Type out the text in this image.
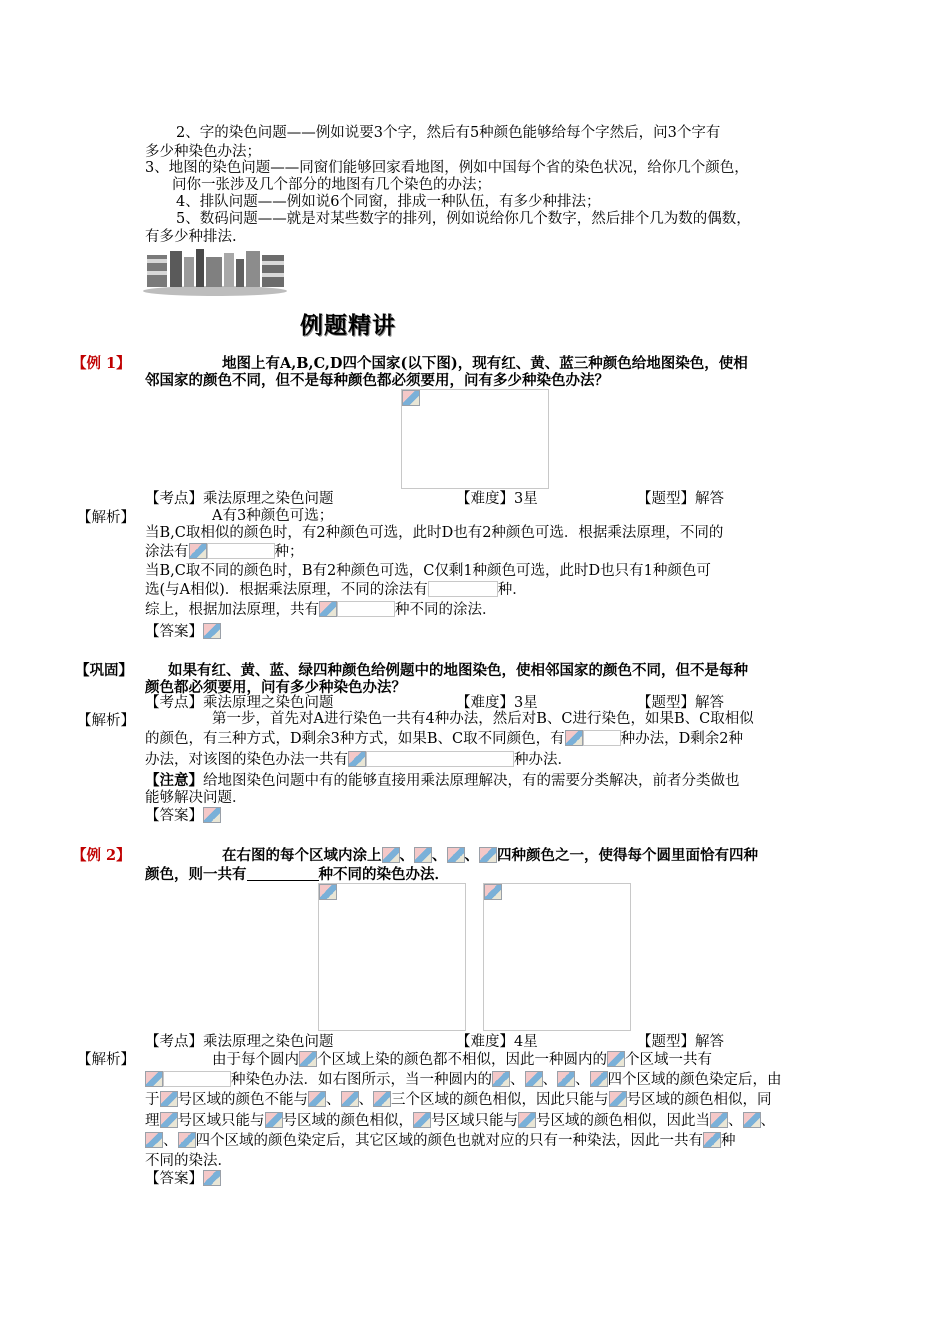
2、字的染色问题——例如说要3个字，然后有5种颜色能够给每个字然后，问3个字有
多少种染色办法；
3、地图的染色问题——同窗们能够回家看地图，例如中国每个省的染色状况，给你几个颜色，
问你一张涉及几个部分的地图有几个染色的办法；
4、排队问题——例如说6个同窗，排成一种队伍，有多少种排法；
5、数码问题——就是对某些数字的排列，例如说给你几个数字，然后排个几为数的偶数，
有多少种排法.
例题精讲
【例 1】	地图上有A,B,C,D四个国家(以下图)，现有红、黄、蓝三种颜色给地图染色，使相
邻国家的颜色不同，但不是每种颜色都必须要用，问有多少种染色办法？
【考点】乘法原理之染色问题	【难度】3星	【题型】解答
【解析】	A有3种颜色可选；
当B,C取相似的颜色时，有2种颜色可选，此时D也有2种颜色可选．根据乘法原理，不同的
涂法有	种；
当B,C取不同的颜色时，B有2种颜色可选，C仅剩1种颜色可选，此时D也只有1种颜色可
选(与A相似)．根据乘法原理，不同的涂法有	种．
综上，根据加法原理，共有	种不同的涂法．
【答案】
【巩固】 如果有红、黄、蓝、绿四种颜色给例题中的地图染色，使相邻国家的颜色不同，但不是每种
颜色都必须要用，问有多少种染色办法？
【考点】乘法原理之染色问题	【难度】3星	【题型】解答
【解析】	第一步，首先对A进行染色一共有4种办法，然后对B、C进行染色，如果B、C取相似
的颜色，有三种方式，D剩余3种方式，如果B、C取不同颜色，有	种办法，D剩余2种
办法，对该图的染色办法一共有	种办法．
【注意】给地图染色问题中有的能够直接用乘法原理解决，有的需要分类解决，前者分类做也
能够解决问题．
【答案】
【例 2】	在右图的每个区域内涂上 、 、 、 四种颜色之一，使得每个圆里面恰有四种
颜色，则一共有	种不同的染色办法．
【考点】乘法原理之染色问题	【难度】4星	【题型】解答
【解析】	由于每个圆内 个区域上染的颜色都不相似，因此一种圆内的 个区域一共有
种染色办法．如右图所示，当一种圆内的 、 、 、 四个区域的颜色染定后，由
于 号区域的颜色不能与 、 、 三个区域的颜色相似，因此只能与 号区域的颜色相似，同
理 号区域只能与 号区域的颜色相似， 号区域只能与 号区域的颜色相似，因此当 、 、
、 四个区域的颜色染定后，其它区域的颜色也就对应的只有一种染法，因此一共有 种
不同的染法．
【答案】
